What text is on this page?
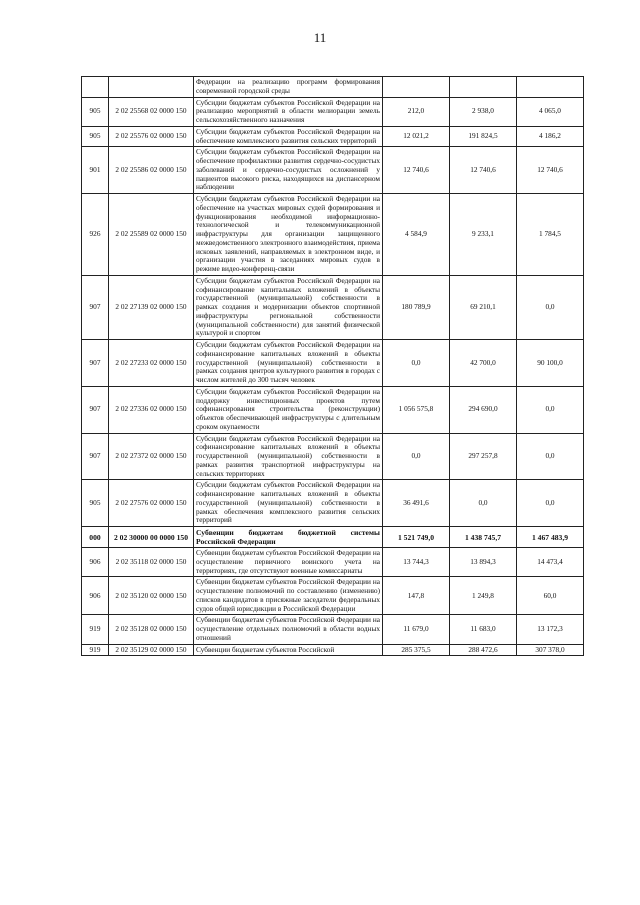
11
		Федерации на реализацию программ формирования современной городской среды			
905	2 02 25568 02 0000 150	Субсидии бюджетам субъектов Российской Федерации на реализацию мероприятий в области мелиорации земель сельскохозяйственного назначения	212,0	2 938,0	4 065,0
905	2 02 25576 02 0000 150	Субсидии бюджетам субъектов Российской Федерации на обеспечение комплексного развития сельских территорий	12 021,2	191 824,5	4 186,2
901	2 02 25586 02 0000 150	Субсидии бюджетам субъектов Российской Федерации на обеспечение профилактики развития сердечно-сосудистых заболеваний и сердечно-сосудистых осложнений у пациентов высокого риска, находящихся на диспансерном наблюдении	12 740,6	12 740,6	12 740,6
926	2 02 25589 02 0000 150	Субсидии бюджетам субъектов Российской Федерации на обеспечение на участках мировых судей формирования и функционирования необходимой информационно-технологической и телекоммуникационной инфраструктуры для организации защищенного межведомственного электронного взаимодействия, приема исковых заявлений, направляемых в электронном виде, и организации участия в заседаниях мировых судов в режиме видео-конференц-связи	4 584,9	9 233,1	1 784,5
907	2 02 27139 02 0000 150	Субсидии бюджетам субъектов Российской Федерации на софинансирование капитальных вложений в объекты государственной (муниципальной) собственности в рамках создания и модернизации объектов спортивной инфраструктуры региональной собственности (муниципальной собственности) для занятий физической культурой и спортом	180 789,9	69 210,1	0,0
907	2 02 27233 02 0000 150	Субсидии бюджетам субъектов Российской Федерации на софинансирование капитальных вложений в объекты государственной (муниципальной) собственности в рамках создания центров культурного развития в городах с числом жителей до 300 тысяч человек	0,0	42 700,0	90 100,0
907	2 02 27336 02 0000 150	Субсидии бюджетам субъектов Российской Федерации на поддержку инвестиционных проектов путем софинансирования строительства (реконструкции) объектов обеспечивающей инфраструктуры с длительным сроком окупаемости	1 056 575,8	294 690,0	0,0
907	2 02 27372 02 0000 150	Субсидии бюджетам субъектов Российской Федерации на софинансирование капитальных вложений в объекты государственной (муниципальной) собственности в рамках развития транспортной инфраструктуры на сельских территориях	0,0	297 257,8	0,0
905	2 02 27576 02 0000 150	Субсидии бюджетам субъектов Российской Федерации на софинансирование капитальных вложений в объекты государственной (муниципальной) собственности в рамках обеспечения комплексного развития сельских территорий	36 491,6	0,0	0,0
000	2 02 30000 00 0000 150	Субвенции бюджетам бюджетной системы Российской Федерации	1 521 749,0	1 438 745,7	1 467 483,9
906	2 02 35118 02 0000 150	Субвенции бюджетам субъектов Российской Федерации на осуществление первичного воинского учета на территориях, где отсутствуют военные комиссариаты	13 744,3	13 894,3	14 473,4
906	2 02 35120 02 0000 150	Субвенции бюджетам субъектов Российской Федерации на осуществление полномочий по составлению (изменению) списков кандидатов в присяжные заседатели федеральных судов общей юрисдикции в Российской Федерации	147,8	1 249,8	60,0
919	2 02 35128 02 0000 150	Субвенции бюджетам субъектов Российской Федерации на осуществление отдельных полномочий в области водных отношений	11 679,0	11 683,0	13 172,3
919	2 02 35129 02 0000 150	Субвенции бюджетам субъектов Российской	285 375,5	288 472,6	307 378,0
